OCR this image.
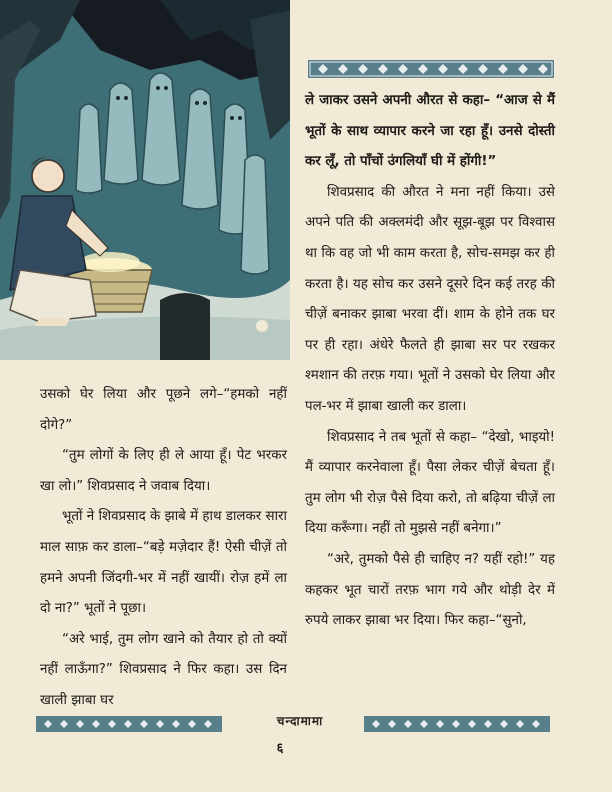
ले जाकर उसने अपनी औरत से कहा– “आज से मैं भूतों के साथ व्यापार करने जा रहा हूँ। उनसे दोस्ती कर लूँ, तो पाँचों उंगलियाँ घी में होंगी!”

शिवप्रसाद की औरत ने मना नहीं किया। उसे अपने पति की अक्लमंदी और सूझ-बूझ पर विश्वास था कि वह जो भी काम करता है, सोच-समझ कर ही करता है। यह सोच कर उसने दूसरे दिन कई तरह की चीज़ें बनाकर झाबा भरवा दीं। शाम के होने तक घर पर ही रहा। अंधेरे फैलते ही झाबा सर पर रखकर श्मशान की तरफ़ गया। भूतों ने उसको घेर लिया और पल-भर में झाबा खाली कर डाला।

शिवप्रसाद ने तब भूतों से कहा– “देखो, भाइयो! मैं व्यापार करनेवाला हूँ। पैसा लेकर चीज़ें बेचता हूँ। तुम लोग भी रोज़ पैसे दिया करो, तो बढ़िया चीज़ें ला दिया करूँगा। नहीं तो मुझसे नहीं बनेगा।”

“अरे, तुमको पैसे ही चाहिए न? यहीं रहो!” यह कहकर भूत चारों तरफ़ भाग गये और थोड़ी देर में रुपये लाकर झाबा भर दिया। फिर कहा–“सुनो,

उसको घेर लिया और पूछने लगे–“हमको नहीं दोगे?”

“तुम लोगों के लिए ही ले आया हूँ। पेट भरकर खा लो।” शिवप्रसाद ने जवाब दिया।

भूतों ने शिवप्रसाद के झाबे में हाथ डालकर सारा माल साफ़ कर डाला–“बड़े मज़ेदार हैं! ऐसी चीज़ें तो हमने अपनी जिंदगी-भर में नहीं खायीं। रोज़ हमें ला दो ना?” भूतों ने पूछा।

“अरे भाई, तुम लोग खाने को तैयार हो तो क्यों नहीं लाऊँगा?” शिवप्रसाद ने फिर कहा। उस दिन खाली झाबा घर

चन्दामामा
६
